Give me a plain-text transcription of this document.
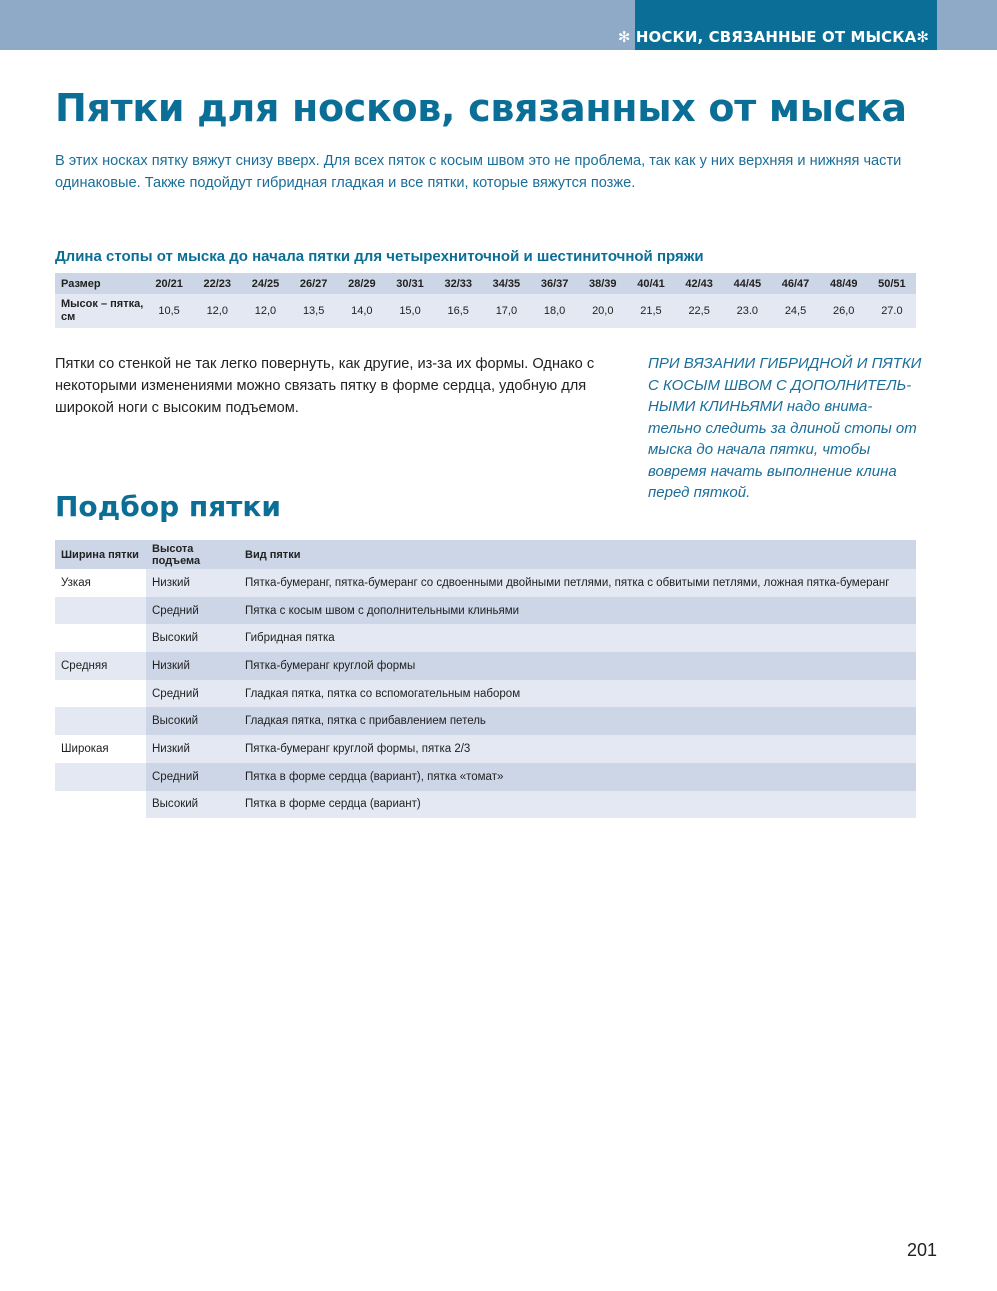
✻ НОСКИ, СВЯЗАННЫЕ ОТ МЫСКА✻
Пятки для носков, связанных от мыска

В этих носках пятку вяжут снизу вверх. Для всех пяток с косым швом это не проблема, так как у них верхняя и нижняя части одинаковые. Также подойдут гибридная гладкая и все пятки, которые вяжутся позже.

Длина стопы от мыска до начала пятки для четырехниточной и шестиниточной пряжи
Размер	20/21	22/23	24/25	26/27	28/29	30/31	32/33	34/35	36/37	38/39	40/41	42/43	44/45	46/47	48/49	50/51
Мысок – пятка, см	10,5	12,0	12,0	13,5	14,0	15,0	16,5	17,0	18,0	20,0	21,5	22,5	23.0	24,5	26,0	27.0

Пятки со стенкой не так легко повернуть, как другие, из-за их формы. Однако с некоторыми изменениями можно связать пятку в форме сердца, удобную для широкой ноги с высоким подъемом.

ПРИ ВЯЗАНИИ ГИБРИДНОЙ И ПЯТКИ С КОСЫМ ШВОМ С ДОПОЛНИТЕЛЬ-НЫМИ КЛИНЬЯМИ надо внима-тельно следить за длиной стопы от мыска до начала пятки, чтобы вовремя начать выполнение клина перед пяткой.

Подбор пятки
Ширина пятки	Высота подъема	Вид пятки
Узкая	Низкий	Пятка-бумеранг, пятка-бумеранг со сдвоенными двойными петлями, пятка с обвитыми петлями, ложная пятка-бумеранг
	Средний	Пятка с косым швом с дополнительными клиньями
	Высокий	Гибридная пятка
Средняя	Низкий	Пятка-бумеранг круглой формы
	Средний	Гладкая пятка, пятка со вспомогательным набором
	Высокий	Гладкая пятка, пятка с прибавлением петель
Широкая	Низкий	Пятка-бумеранг круглой формы, пятка 2/3
	Средний	Пятка в форме сердца (вариант), пятка «томат»
	Высокий	Пятка в форме сердца (вариант)
201
